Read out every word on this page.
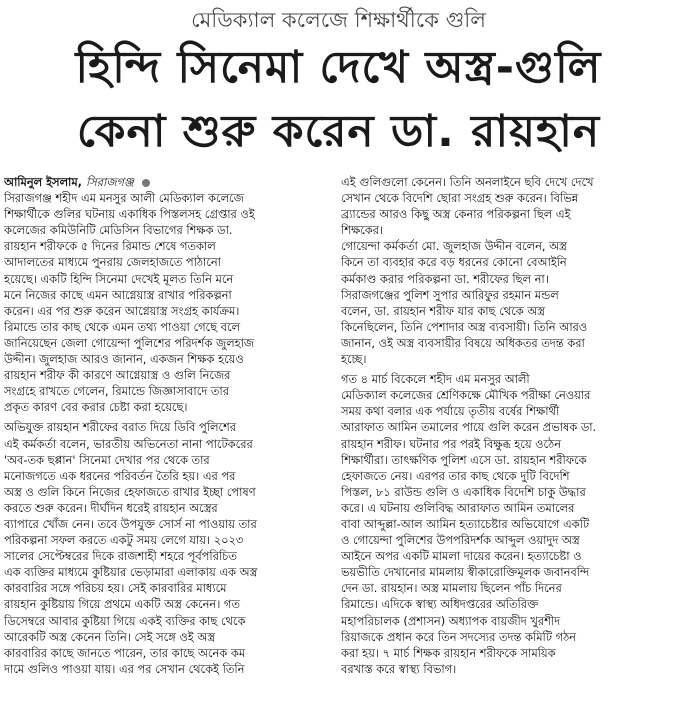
মেডিক্যাল কলেজে শিক্ষার্থীকে গুলি
হিন্দি সিনেমা দেখে অস্ত্র-গুলি
কেনা শুরু করেন ডা. রায়হান
আমিনুল ইসলাম, সিরাজগঞ্জ
সিরাজগঞ্জ শহীদ এম মনসুর আলী মেডিক্যাল কলেজে
শিক্ষার্থীকে গুলির ঘটনায় একাধিক পিস্তলসহ গ্রেপ্তার ওই
কলেজের কমিউনিটি মেডিসিন বিভাগের শিক্ষক ডা.
রায়হান শরীফকে ৫ দিনের রিমান্ড শেষে গতকাল
আদালতের মাধ্যমে পুনরায় জেলহাজতে পাঠানো
হয়েছে। একটি হিন্দি সিনেমা দেখেই মূলত তিনি মনে
মনে নিজের কাছে এমন আগ্নেয়াস্ত্র রাখার পরিকল্পনা
করেন। এর পর শুরু করেন আগ্নেয়াস্ত্র সংগ্রহ কার্যক্রম।
রিমান্ডে তার কাছ থেকে এমন তথ্য পাওয়া গেছে বলে
জানিয়েছেন জেলা গোয়েন্দা পুলিশের পরিদর্শক জুলহাজ
উদ্দীন। জুলহাজ আরও জানান, একজন শিক্ষক হয়েও
রায়হান শরীফ কী কারণে আগ্নেয়াস্ত্র ও গুলি নিজের
সংগ্রহে রাখতে গেলেন, রিমান্ডে জিজ্ঞাসাবাদে তার
প্রকৃত কারণ বের করার চেষ্টা করা হয়েছে।
অভিযুক্ত রায়হান শরীফের বরাত দিয়ে ডিবি পুলিশের
এই কর্মকর্তা বলেন, ভারতীয় অভিনেতা নানা পাটেকরের
'অব-তক ছপ্পান' সিনেমা দেখার পর থেকে তার
মনোজগতে এক ধরনের পরিবর্তন তৈরি হয়। এর পর
অস্ত্র ও গুলি কিনে নিজের হেফাজতে রাখার ইচ্ছা পোষণ
করতে শুরু করেন। দীর্ঘদিন ধরেই রায়হান অস্ত্রের
ব্যাপারে খোঁজ নেন। তবে উপযুক্ত সোর্স না পাওয়ায় তার
পরিকল্পনা সফল করতে একটু সময় লেগে যায়। ২০২৩
সালের সেপ্টেম্বরের দিকে রাজশাহী শহরে পূর্বপরিচিত
এক ব্যক্তির মাধ্যমে কুষ্টিয়ার ভেড়ামারা এলাকায় এক অস্ত্র
কারবারির সঙ্গে পরিচয় হয়। সেই কারবারির মাধ্যমে
রায়হান কুষ্টিয়ায় গিয়ে প্রথমে একটি অস্ত্র কেনেন। গত
ডিসেম্বরে আবার কুষ্টিয়া গিয়ে একই ব্যক্তির কাছ থেকে
আরেকটি অস্ত্র কেনেন তিনি। সেই সঙ্গে ওই অস্ত্র
কারবারির কাছে জানতে পারেন, তার কাছে অনেক কম
দামে গুলিও পাওয়া যায়। এর পর সেখান থেকেই তিনি
এই গুলিগুলো কেনেন। তিনি অনলাইনে ছবি দেখে দেখে
সেখান থেকে বিদেশি ছোরা সংগ্রহ শুরু করেন। বিভিন্ন
ব্র্যান্ডের আরও কিছু অস্ত্র কেনার পরিকল্পনা ছিল এই
শিক্ষকের।
গোয়েন্দা কর্মকর্তা মো. জুলহাজ উদ্দীন বলেন, অস্ত্র
কিনে তা ব্যবহার করে বড় ধরনের কোনো বেআইনি
কর্মকাণ্ড করার পরিকল্পনা ডা. শরীফের ছিল না।
সিরাজগঞ্জের পুলিশ সুপার আরিফুর রহমান মন্ডল
বলেন, ডা. রায়হান শরীফ যার কাছ থেকে অস্ত্র
কিনেছিলেন, তিনি পেশাদার অস্ত্র ব্যবসায়ী। তিনি আরও
জানান, ওই অস্ত্র ব্যবসায়ীর বিষয়ে অধিকতর তদন্ত করা
হচ্ছে।
গত ৪ মার্চ বিকেলে শহীদ এম মনসুর আলী
মেডিক্যাল কলেজের শ্রেণিকক্ষে মৌখিক পরীক্ষা নেওয়ার
সময় কথা বলার এক পর্যায়ে তৃতীয় বর্ষের শিক্ষার্থী
আরাফাত আমিন তমালের পায়ে গুলি করেন প্রভাষক ডা.
রায়হান শরীফ। ঘটনার পর পরই বিক্ষুব্ধ হয়ে ওঠেন
শিক্ষার্থীরা। তাৎক্ষণিক পুলিশ এসে ডা. রায়হান শরীফকে
হেফাজতে নেয়। এরপর তার কাছ থেকে দুটি বিদেশি
পিস্তল, ৮১ রাউন্ড গুলি ও একাধিক বিদেশি চাকু উদ্ধার
করে। এ ঘটনায় গুলিবিদ্ধ আরাফাত আমিন তমালের
বাবা আব্দুল্লা-আল আমিন হত্যাচেষ্টার অভিযোগে একটি
ও গোয়েন্দা পুলিশের উপপরিদর্শক আব্দুল ওয়াদুদ অস্ত্র
আইনে অপর একটি মামলা দায়ের করেন। হত্যাচেষ্টা ও
ভয়ভীতি দেখানোর মামলায় স্বীকারোক্তিমূলক জবানবন্দি
দেন ডা. রায়হান। অস্ত্র মামলায় ছিলেন পাঁচ দিনের
রিমান্ডে। এদিকে স্বাস্থ্য অধিদপ্তরের অতিরিক্ত
মহাপরিচালক (প্রশাসন) অধ্যাপক বায়জীদ খুরশীদ
রিয়াজকে প্রধান করে তিন সদস্যের তদন্ত কমিটি গঠন
করা হয়। ৭ মার্চ শিক্ষক রায়হান শরীফকে সাময়িক
বরখাস্ত করে স্বাস্থ্য বিভাগ।
